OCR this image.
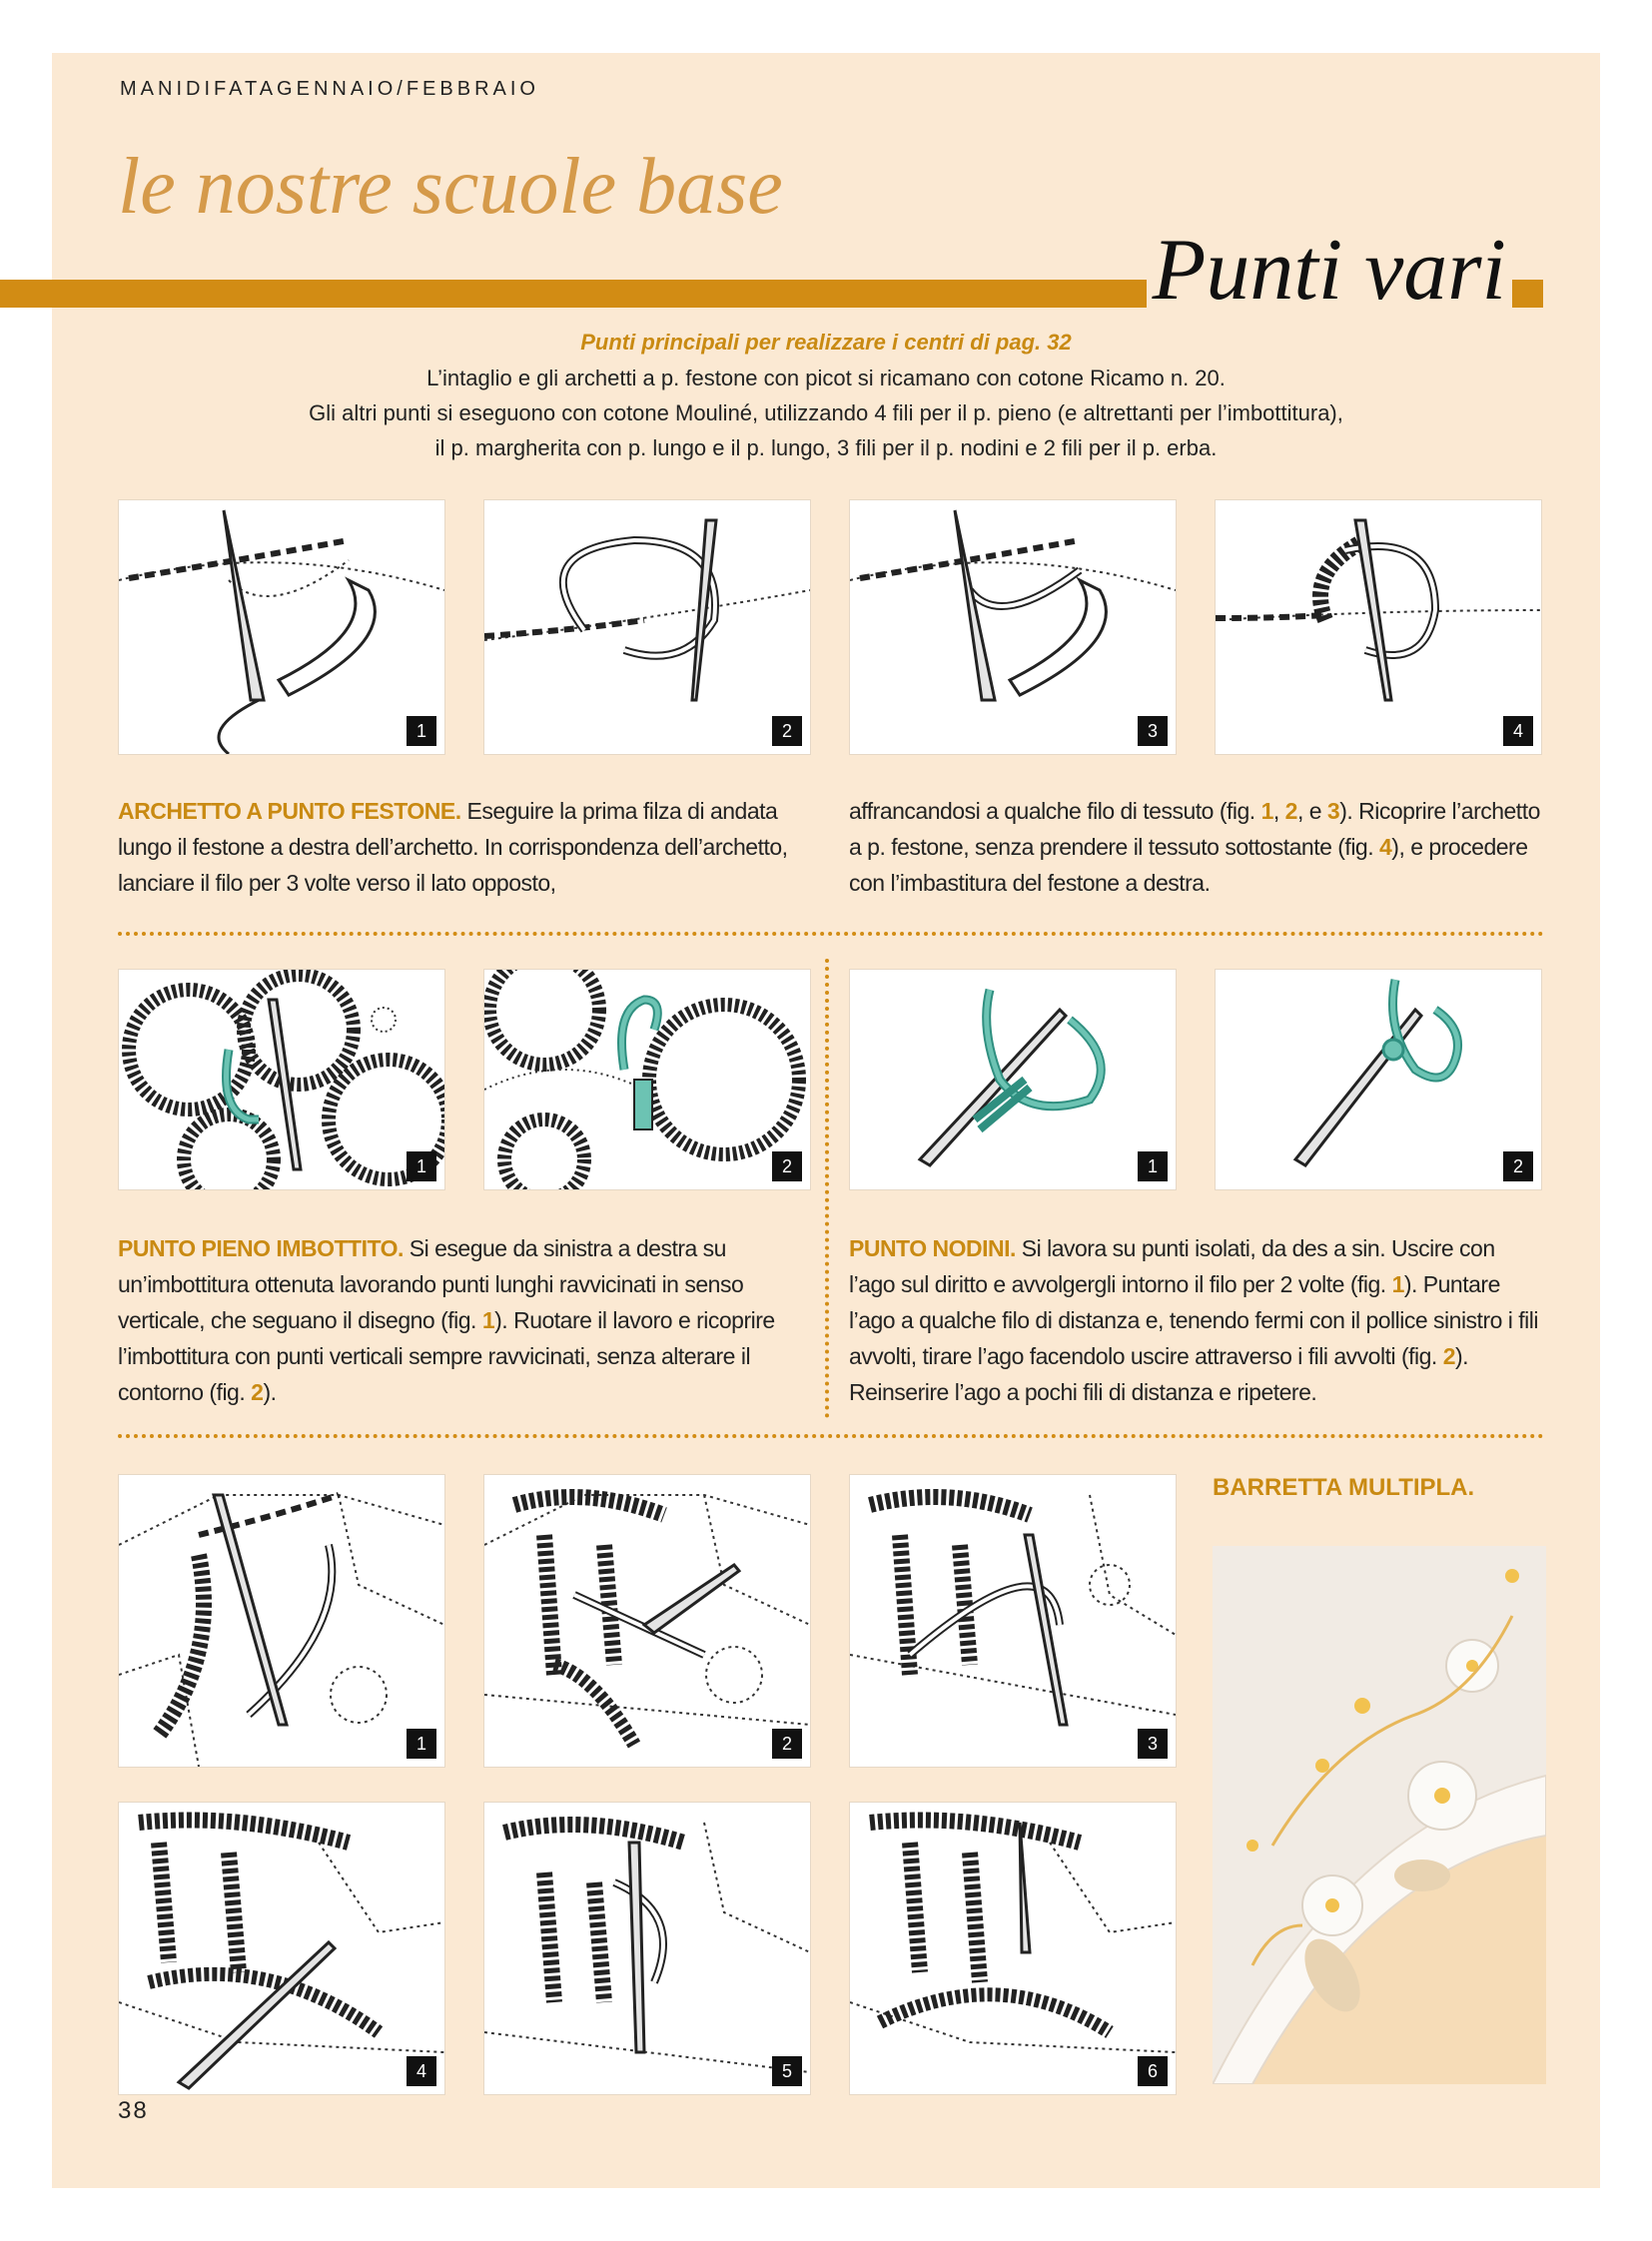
MANIDIFATAGENNAIO/FEBBRAIO
le nostre scuole base
Punti vari
Punti principali per realizzare i centri di pag. 32
L’intaglio e gli archetti a p. festone con picot si ricamano con cotone Ricamo n. 20.
Gli altri punti si eseguono con cotone Mouliné, utilizzando 4 fili per il p. pieno (e altrettanti per l’imbottitura),
il p. margherita con p. lungo e il p. lungo, 3 fili per il p. nodini e 2 fili per il p. erba.
1	2	3	4
ARCHETTO A PUNTO FESTONE. Eseguire la prima filza di andata lungo il festone a destra dell’archetto. In corrispondenza dell’archetto, lanciare il filo per 3 volte verso il lato opposto,
affrancandosi a qualche filo di tessuto (fig. 1, 2, e 3). Ricoprire l’archetto a p. festone, senza prendere il tessuto sottostante (fig. 4), e procedere con l’imbastitura del festone a destra.
1	2	1	2
PUNTO PIENO IMBOTTITO. Si esegue da sinistra a destra su un’imbottitura ottenuta lavorando punti lunghi ravvicinati in senso verticale, che seguano il disegno (fig. 1). Ruotare il lavoro e ricoprire l’imbottitura con punti verticali sempre ravvicinati, senza alterare il contorno (fig. 2).
PUNTO NODINI. Si lavora su punti isolati, da des a sin. Uscire con l’ago sul diritto e avvolgergli intorno il filo per 2 volte (fig. 1). Puntare l’ago a qualche filo di distanza e, tenendo fermi con il pollice sinistro i fili avvolti, tirare l’ago facendolo uscire attraverso i fili avvolti (fig. 2). Reinserire l’ago a pochi fili di distanza e ripetere.
1	2	3
4	5	6
BARRETTA MULTIPLA.
38
